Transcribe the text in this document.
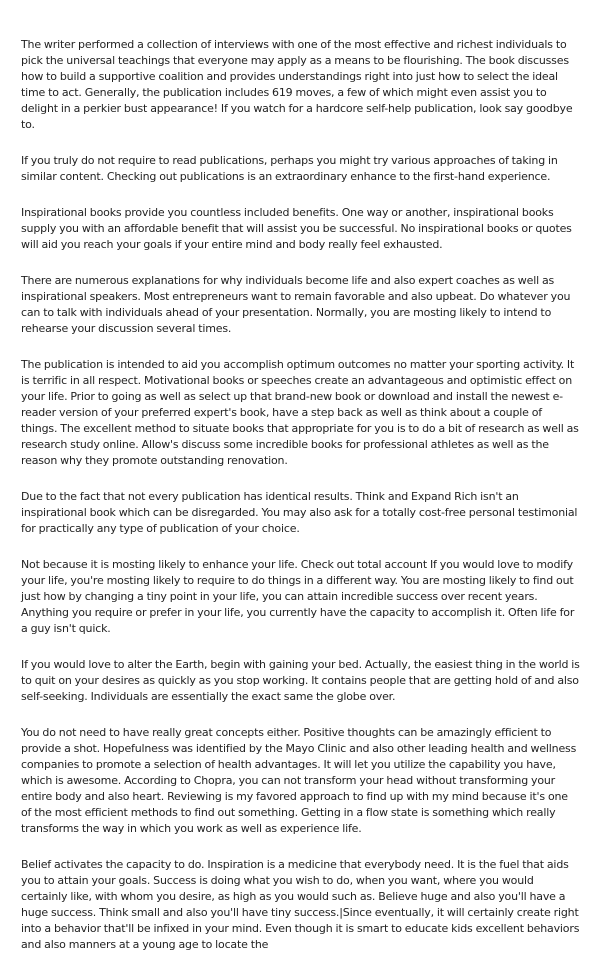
The writer performed a collection of interviews with one of the most effective and richest individuals to pick the universal teachings that everyone may apply as a means to be flourishing. The book discusses how to build a supportive coalition and provides understandings right into just how to select the ideal time to act. Generally, the publication includes 619 moves, a few of which might even assist you to delight in a perkier bust appearance! If you watch for a hardcore self-help publication, look say goodbye to.

If you truly do not require to read publications, perhaps you might try various approaches of taking in similar content. Checking out publications is an extraordinary enhance to the first-hand experience.

Inspirational books provide you countless included benefits. One way or another, inspirational books supply you with an affordable benefit that will assist you be successful. No inspirational books or quotes will aid you reach your goals if your entire mind and body really feel exhausted.

There are numerous explanations for why individuals become life and also expert coaches as well as inspirational speakers. Most entrepreneurs want to remain favorable and also upbeat. Do whatever you can to talk with individuals ahead of your presentation. Normally, you are mosting likely to intend to rehearse your discussion several times.

The publication is intended to aid you accomplish optimum outcomes no matter your sporting activity. It is terrific in all respect. Motivational books or speeches create an advantageous and optimistic effect on your life. Prior to going as well as select up that brand-new book or download and install the newest e-reader version of your preferred expert's book, have a step back as well as think about a couple of things. The excellent method to situate books that appropriate for you is to do a bit of research as well as research study online. Allow's discuss some incredible books for professional athletes as well as the reason why they promote outstanding renovation.

Due to the fact that not every publication has identical results. Think and Expand Rich isn't an inspirational book which can be disregarded. You may also ask for a totally cost-free personal testimonial for practically any type of publication of your choice.

Not because it is mosting likely to enhance your life. Check out total account If you would love to modify your life, you're mosting likely to require to do things in a different way. You are mosting likely to find out just how by changing a tiny point in your life, you can attain incredible success over recent years. Anything you require or prefer in your life, you currently have the capacity to accomplish it. Often life for a guy isn't quick.

If you would love to alter the Earth, begin with gaining your bed. Actually, the easiest thing in the world is to quit on your desires as quickly as you stop working. It contains people that are getting hold of and also self-seeking. Individuals are essentially the exact same the globe over.

You do not need to have really great concepts either. Positive thoughts can be amazingly efficient to provide a shot. Hopefulness was identified by the Mayo Clinic and also other leading health and wellness companies to promote a selection of health advantages. It will let you utilize the capability you have, which is awesome. According to Chopra, you can not transform your head without transforming your entire body and also heart. Reviewing is my favored approach to find up with my mind because it's one of the most efficient methods to find out something. Getting in a flow state is something which really transforms the way in which you work as well as experience life.

Belief activates the capacity to do. Inspiration is a medicine that everybody need. It is the fuel that aids you to attain your goals. Success is doing what you wish to do, when you want, where you would certainly like, with whom you desire, as high as you would such as. Believe huge and also you'll have a huge success. Think small and also you'll have tiny success.|Since eventually, it will certainly create right into a behavior that'll be infixed in your mind. Even though it is smart to educate kids excellent behaviors and also manners at a young age to locate the
